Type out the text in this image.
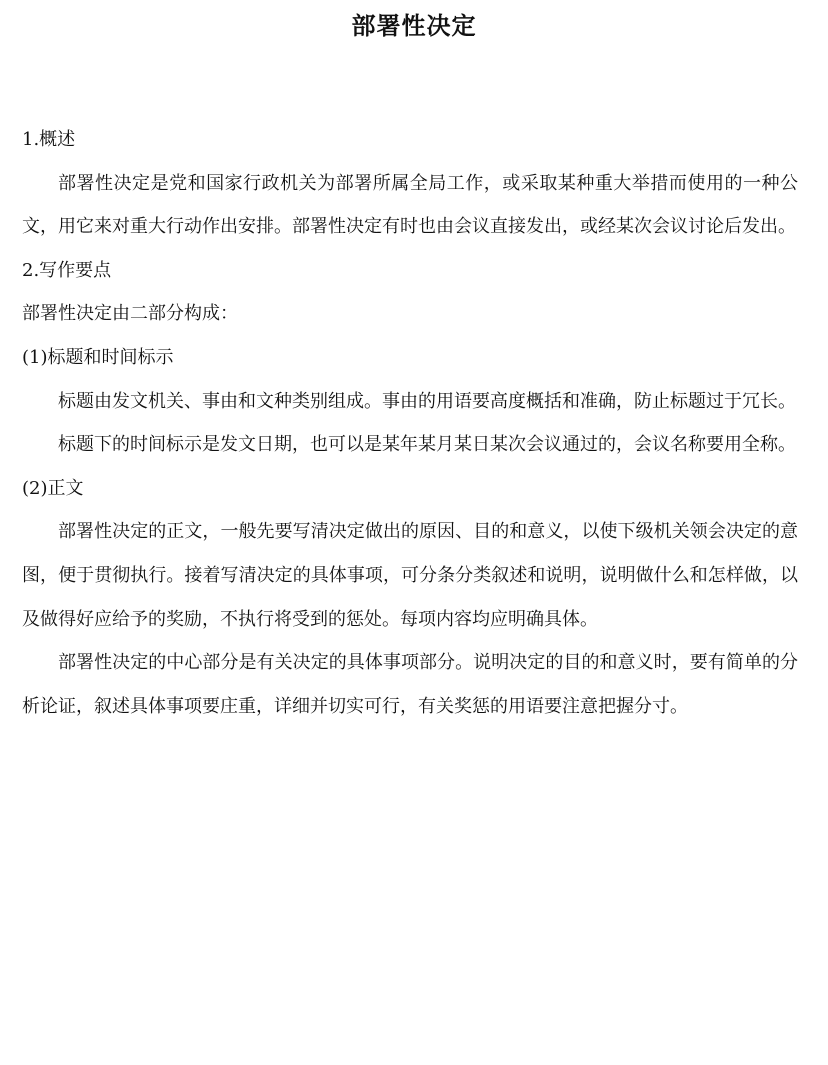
部署性决定

1.概述

部署性决定是党和国家行政机关为部署所属全局工作，或采取某种重大举措而使用的一种公文，用它来对重大行动作出安排。部署性决定有时也由会议直接发出，或经某次会议讨论后发出。

2.写作要点

部署性决定由二部分构成：

(1)标题和时间标示

标题由发文机关、事由和文种类别组成。事由的用语要高度概括和准确，防止标题过于冗长。

标题下的时间标示是发文日期，也可以是某年某月某日某次会议通过的，会议名称要用全称。

(2)正文

部署性决定的正文，一般先要写清决定做出的原因、目的和意义，以使下级机关领会决定的意图，便于贯彻执行。接着写清决定的具体事项，可分条分类叙述和说明，说明做什么和怎样做，以及做得好应给予的奖励，不执行将受到的惩处。每项内容均应明确具体。

部署性决定的中心部分是有关决定的具体事项部分。说明决定的目的和意义时，要有简单的分析论证，叙述具体事项要庄重，详细并切实可行，有关奖惩的用语要注意把握分寸。
